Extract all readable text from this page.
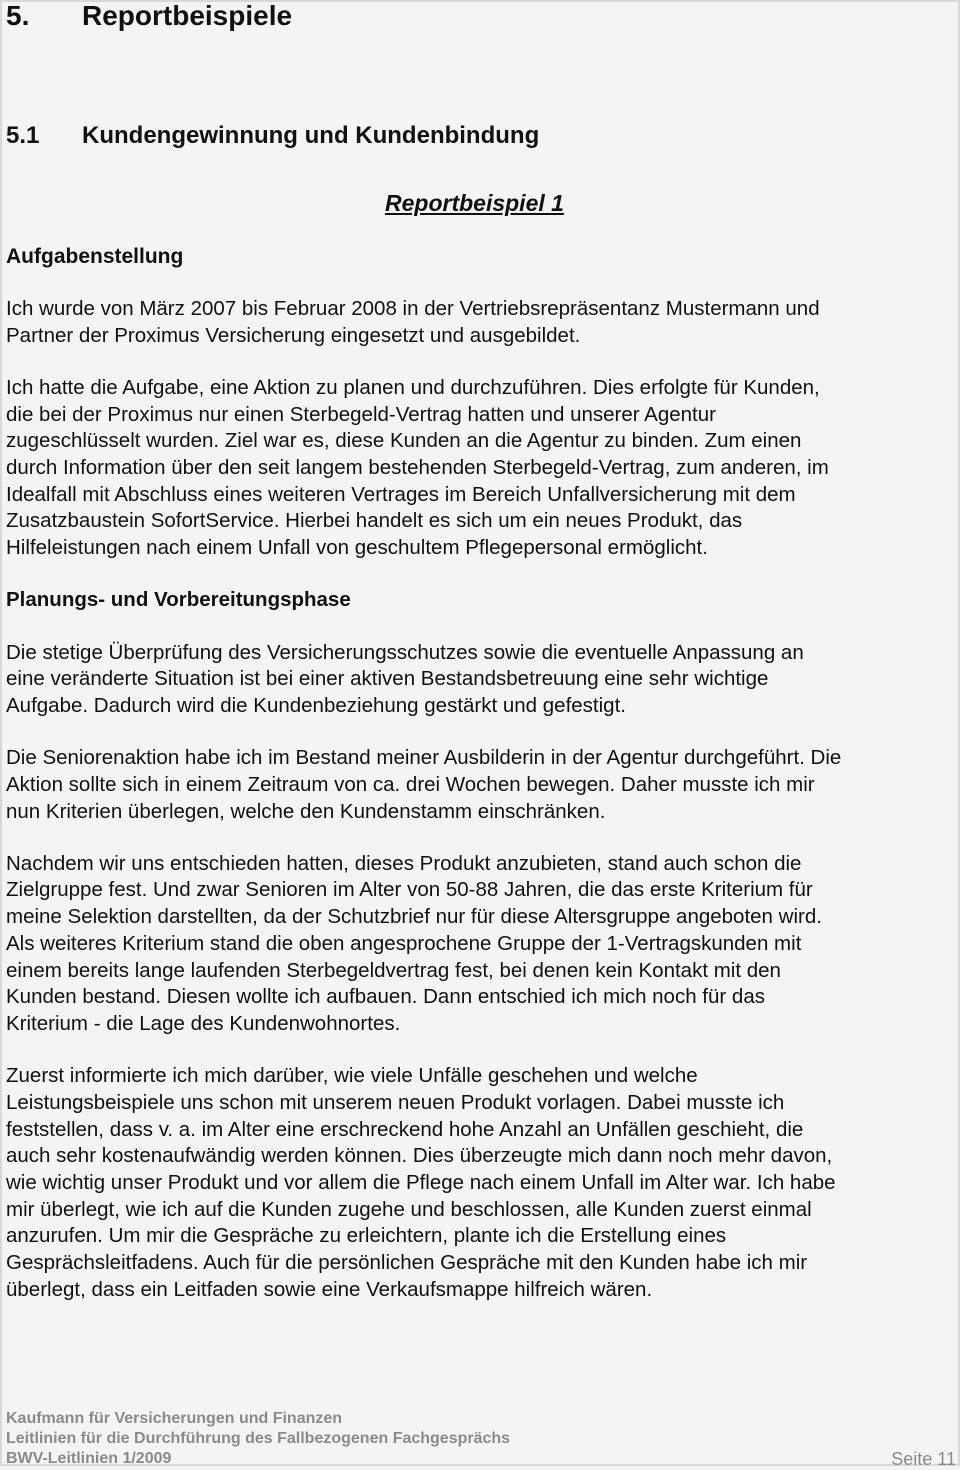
5. Reportbeispiele
5.1 Kundengewinnung und Kundenbindung
Reportbeispiel 1
Aufgabenstellung
Ich wurde von März 2007 bis Februar 2008 in der Vertriebsrepräsentanz Mustermann und
Partner der Proximus Versicherung eingesetzt und ausgebildet.
Ich hatte die Aufgabe, eine Aktion zu planen und durchzuführen. Dies erfolgte für Kunden,
die bei der Proximus nur einen Sterbegeld-Vertrag hatten und unserer Agentur
zugeschlüsselt wurden. Ziel war es, diese Kunden an die Agentur zu binden. Zum einen
durch Information über den seit langem bestehenden Sterbegeld-Vertrag, zum anderen, im
Idealfall mit Abschluss eines weiteren Vertrages im Bereich Unfallversicherung mit dem
Zusatzbaustein SofortService. Hierbei handelt es sich um ein neues Produkt, das
Hilfeleistungen nach einem Unfall von geschultem Pflegepersonal ermöglicht.
Planungs- und Vorbereitungsphase
Die stetige Überprüfung des Versicherungsschutzes sowie die eventuelle Anpassung an
eine veränderte Situation ist bei einer aktiven Bestandsbetreuung eine sehr wichtige
Aufgabe. Dadurch wird die Kundenbeziehung gestärkt und gefestigt.
Die Seniorenaktion habe ich im Bestand meiner Ausbilderin in der Agentur durchgeführt. Die
Aktion sollte sich in einem Zeitraum von ca. drei Wochen bewegen. Daher musste ich mir
nun Kriterien überlegen, welche den Kundenstamm einschränken.
Nachdem wir uns entschieden hatten, dieses Produkt anzubieten, stand auch schon die
Zielgruppe fest. Und zwar Senioren im Alter von 50-88 Jahren, die das erste Kriterium für
meine Selektion darstellten, da der Schutzbrief nur für diese Altersgruppe angeboten wird.
Als weiteres Kriterium stand die oben angesprochene Gruppe der 1-Vertragskunden mit
einem bereits lange laufenden Sterbegeldvertrag fest, bei denen kein Kontakt mit den
Kunden bestand. Diesen wollte ich aufbauen. Dann entschied ich mich noch für das
Kriterium - die Lage des Kundenwohnortes.
Zuerst informierte ich mich darüber, wie viele Unfälle geschehen und welche
Leistungsbeispiele uns schon mit unserem neuen Produkt vorlagen. Dabei musste ich
feststellen, dass v. a. im Alter eine erschreckend hohe Anzahl an Unfällen geschieht, die
auch sehr kostenaufwändig werden können. Dies überzeugte mich dann noch mehr davon,
wie wichtig unser Produkt und vor allem die Pflege nach einem Unfall im Alter war. Ich habe
mir überlegt, wie ich auf die Kunden zugehe und beschlossen, alle Kunden zuerst einmal
anzurufen. Um mir die Gespräche zu erleichtern, plante ich die Erstellung eines
Gesprächsleitfadens. Auch für die persönlichen Gespräche mit den Kunden habe ich mir
überlegt, dass ein Leitfaden sowie eine Verkaufsmappe hilfreich wären.
Kaufmann für Versicherungen und Finanzen
Leitlinien für die Durchführung des Fallbezogenen Fachgesprächs
BWV-Leitlinien 1/2009	Seite 11
